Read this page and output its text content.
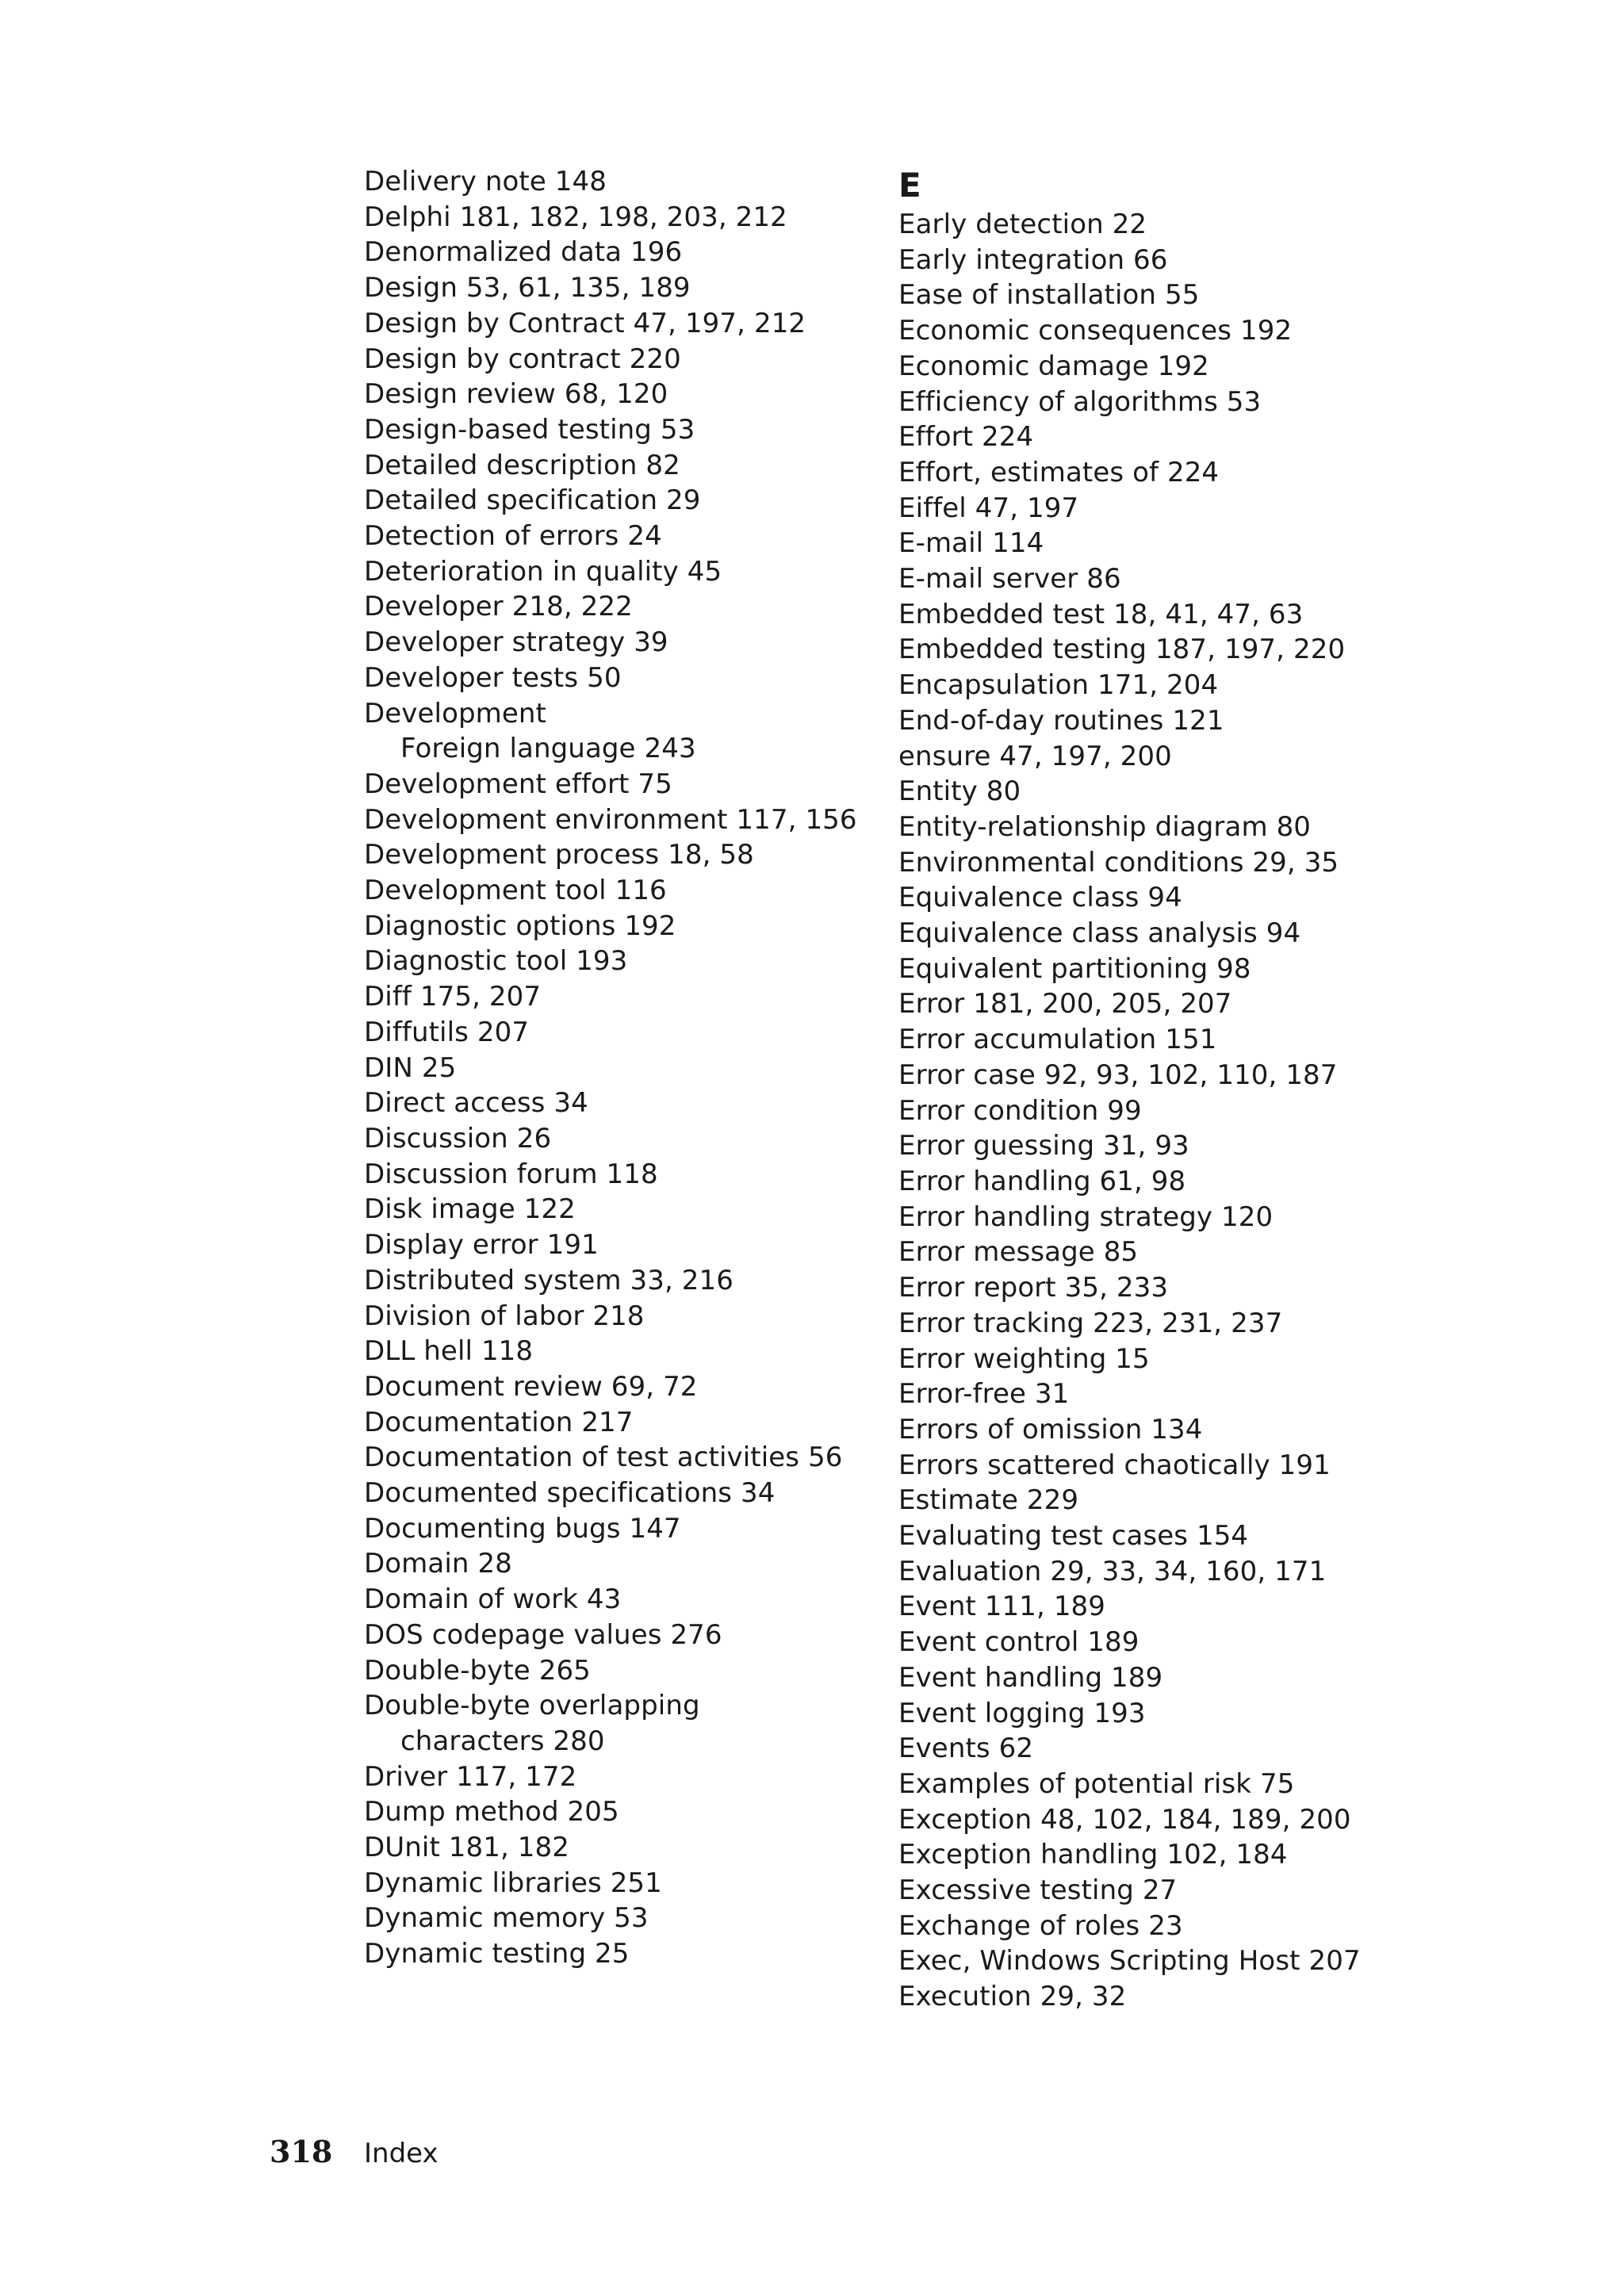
Delivery note 148
Delphi 181, 182, 198, 203, 212
Denormalized data 196
Design 53, 61, 135, 189
Design by Contract 47, 197, 212
Design by contract 220
Design review 68, 120
Design-based testing 53
Detailed description 82
Detailed specification 29
Detection of errors 24
Deterioration in quality 45
Developer 218, 222
Developer strategy 39
Developer tests 50
Development
Foreign language 243
Development effort 75
Development environment 117, 156
Development process 18, 58
Development tool 116
Diagnostic options 192
Diagnostic tool 193
Diff 175, 207
Diffutils 207
DIN 25
Direct access 34
Discussion 26
Discussion forum 118
Disk image 122
Display error 191
Distributed system 33, 216
Division of labor 218
DLL hell 118
Document review 69, 72
Documentation 217
Documentation of test activities 56
Documented specifications 34
Documenting bugs 147
Domain 28
Domain of work 43
DOS codepage values 276
Double-byte 265
Double-byte overlapping
characters 280
Driver 117, 172
Dump method 205
DUnit 181, 182
Dynamic libraries 251
Dynamic memory 53
Dynamic testing 25
E
Early detection 22
Early integration 66
Ease of installation 55
Economic consequences 192
Economic damage 192
Efficiency of algorithms 53
Effort 224
Effort, estimates of 224
Eiffel 47, 197
E-mail 114
E-mail server 86
Embedded test 18, 41, 47, 63
Embedded testing 187, 197, 220
Encapsulation 171, 204
End-of-day routines 121
ensure 47, 197, 200
Entity 80
Entity-relationship diagram 80
Environmental conditions 29, 35
Equivalence class 94
Equivalence class analysis 94
Equivalent partitioning 98
Error 181, 200, 205, 207
Error accumulation 151
Error case 92, 93, 102, 110, 187
Error condition 99
Error guessing 31, 93
Error handling 61, 98
Error handling strategy 120
Error message 85
Error report 35, 233
Error tracking 223, 231, 237
Error weighting 15
Error-free 31
Errors of omission 134
Errors scattered chaotically 191
Estimate 229
Evaluating test cases 154
Evaluation 29, 33, 34, 160, 171
Event 111, 189
Event control 189
Event handling 189
Event logging 193
Events 62
Examples of potential risk 75
Exception 48, 102, 184, 189, 200
Exception handling 102, 184
Excessive testing 27
Exchange of roles 23
Exec, Windows Scripting Host 207
Execution 29, 32
318 Index
